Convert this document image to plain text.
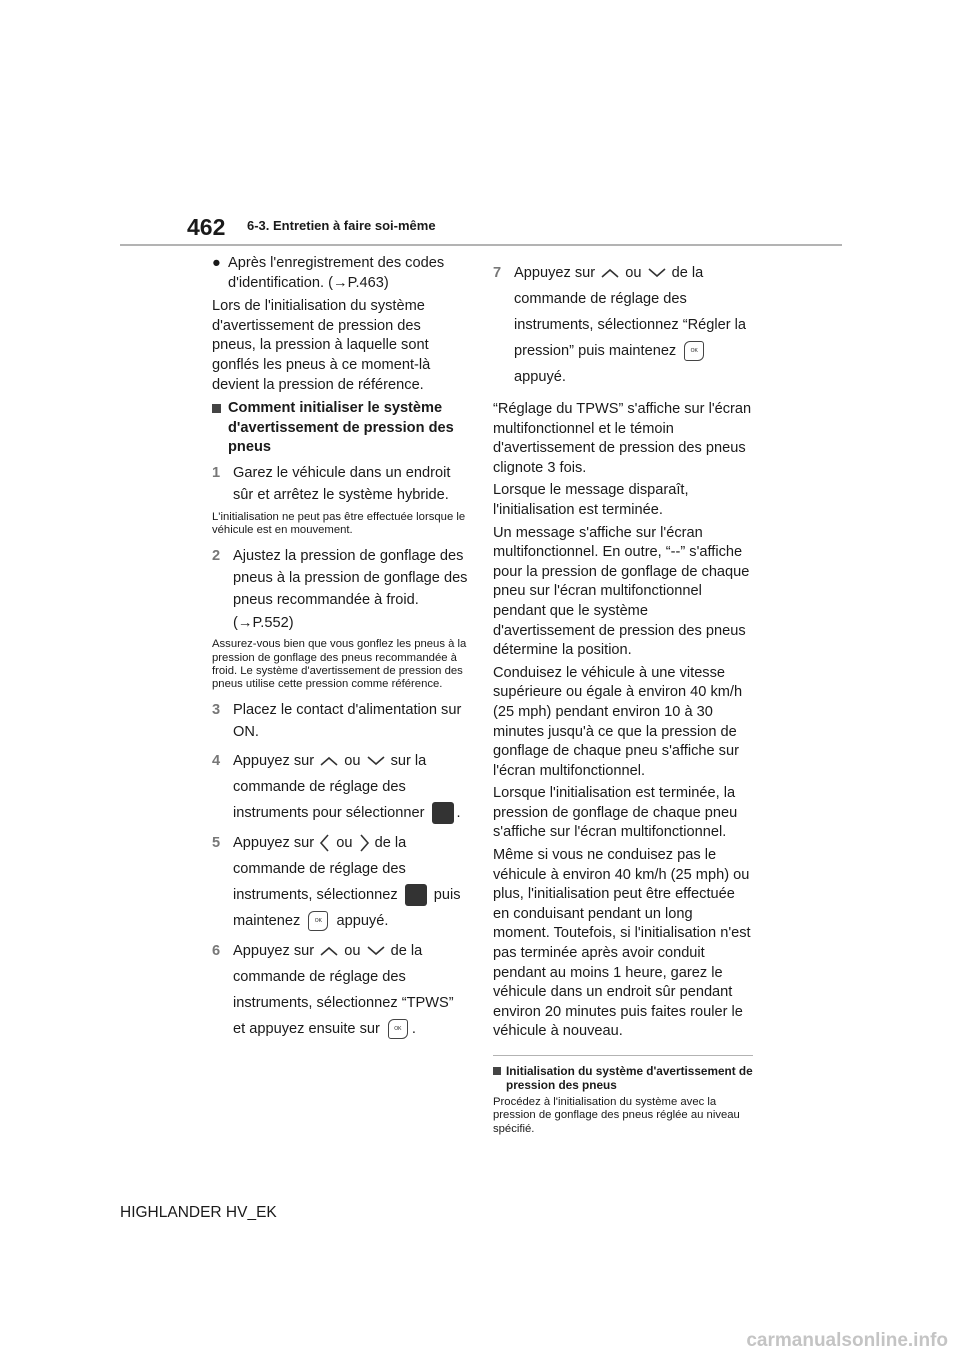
462 6-3. Entretien à faire soi-même
● Après l'enregistrement des codes d'identification. (→P.463)

Lors de l'initialisation du système d'avertissement de pression des pneus, la pression à laquelle sont gonflés les pneus à ce moment-là devient la pression de référence.

Comment initialiser le système d'avertissement de pression des pneus
1 Garez le véhicule dans un endroit sûr et arrêtez le système hybride.
L'initialisation ne peut pas être effectuée lorsque le véhicule est en mouvement.
2 Ajustez la pression de gonflage des pneus à la pression de gonflage des pneus recommandée à froid. (→P.552)
Assurez-vous bien que vous gonflez les pneus à la pression de gonflage des pneus recommandée à froid. Le système d'avertissement de pression des pneus utilise cette pression comme référence.
3 Placez le contact d'alimentation sur ON.
4 Appuyez sur ou sur la commande de réglage des instruments pour sélectionner .
5 Appuyez sur ou de la commande de réglage des instruments, sélectionnez puis maintenez	OK appuyé.
6 Appuyez sur ou de la commande de réglage des instruments, sélectionnez “TPWS” et appuyez ensuite sur	OK .
7 Appuyez sur ou de la commande de réglage des instruments, sélectionnez “Régler la pression” puis maintenez	OK appuyé.

“Réglage du TPWS” s'affiche sur l'écran multifonctionnel et le témoin d'avertissement de pression des pneus clignote 3 fois.

Lorsque le message disparaît, l'initialisation est terminée.

Un message s'affiche sur l'écran multifonctionnel. En outre, “--” s'affiche pour la pression de gonflage de chaque pneu sur l'écran multifonctionnel pendant que le système d'avertissement de pression des pneus détermine la position.

Conduisez le véhicule à une vitesse supérieure ou égale à environ 40 km/h (25 mph) pendant environ 10 à 30 minutes jusqu'à ce que la pression de gonflage de chaque pneu s'affiche sur l'écran multifonctionnel.

Lorsque l'initialisation est terminée, la pression de gonflage de chaque pneu s'affiche sur l'écran multifonctionnel.

Même si vous ne conduisez pas le véhicule à environ 40 km/h (25 mph) ou plus, l'initialisation peut être effectuée en conduisant pendant un long moment. Toutefois, si l'initialisation n'est pas terminée après avoir conduit pendant au moins 1 heure, garez le véhicule dans un endroit sûr pendant environ 20 minutes puis faites rouler le véhicule à nouveau.

Initialisation du système d'avertissement de pression des pneus
Procédez à l'initialisation du système avec la pression de gonflage des pneus réglée au niveau spécifié.
HIGHLANDER HV_EK
carmanualsonline.info
